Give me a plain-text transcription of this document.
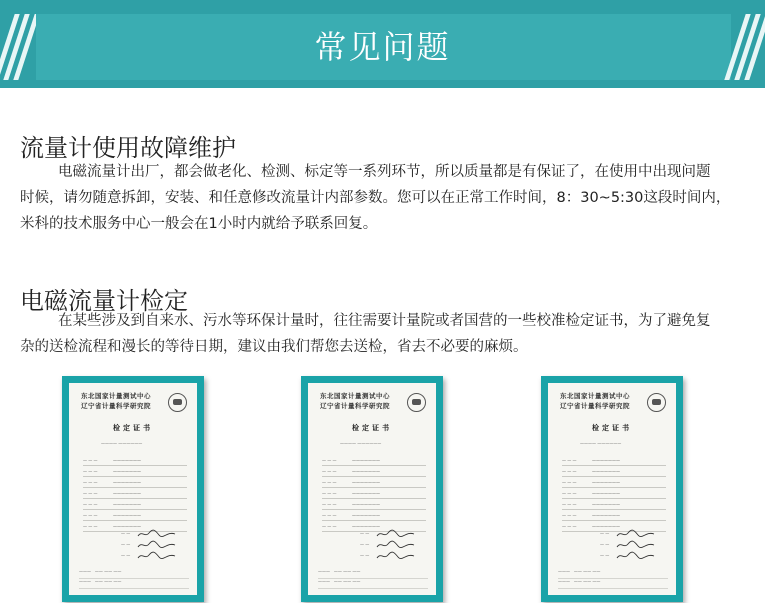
常见问题
流量计使用故障维护
电磁流量计出厂，都会做老化、检测、标定等一系列环节，所以质量都是有保证了，在使用中出现问题
时候，请勿随意拆卸，安装、和任意修改流量计内部参数。您可以在正常工作时间，8：30~5:30这段时间内，
米科的技术服务中心一般会在1小时内就给予联系回复。
电磁流量计检定
在某些涉及到自来水、污水等环保计量时，往往需要计量院或者国营的一些校准检定证书，为了避免复
杂的送检流程和漫长的等待日期，建议由我们帮您去送检，省去不必要的麻烦。
东北国家计量测试中心
辽宁省计量科学研究院
检定证书
———— ——————
— — —	———————
— — —	———————
— — —	———————
— — —	———————
— — —	———————
— — —	———————
— — —	———————
— —
— —
— —
———   —— —— ——
———   —— —— ——
东北国家计量测试中心
辽宁省计量科学研究院
检定证书
———— ——————
— — —	———————
— — —	———————
— — —	———————
— — —	———————
— — —	———————
— — —	———————
— — —	———————
— —
— —
— —
———   —— —— ——
———   —— —— ——
东北国家计量测试中心
辽宁省计量科学研究院
检定证书
———— ——————
— — —	———————
— — —	———————
— — —	———————
— — —	———————
— — —	———————
— — —	———————
— — —	———————
— —
— —
— —
———   —— —— ——
———   —— —— ——
